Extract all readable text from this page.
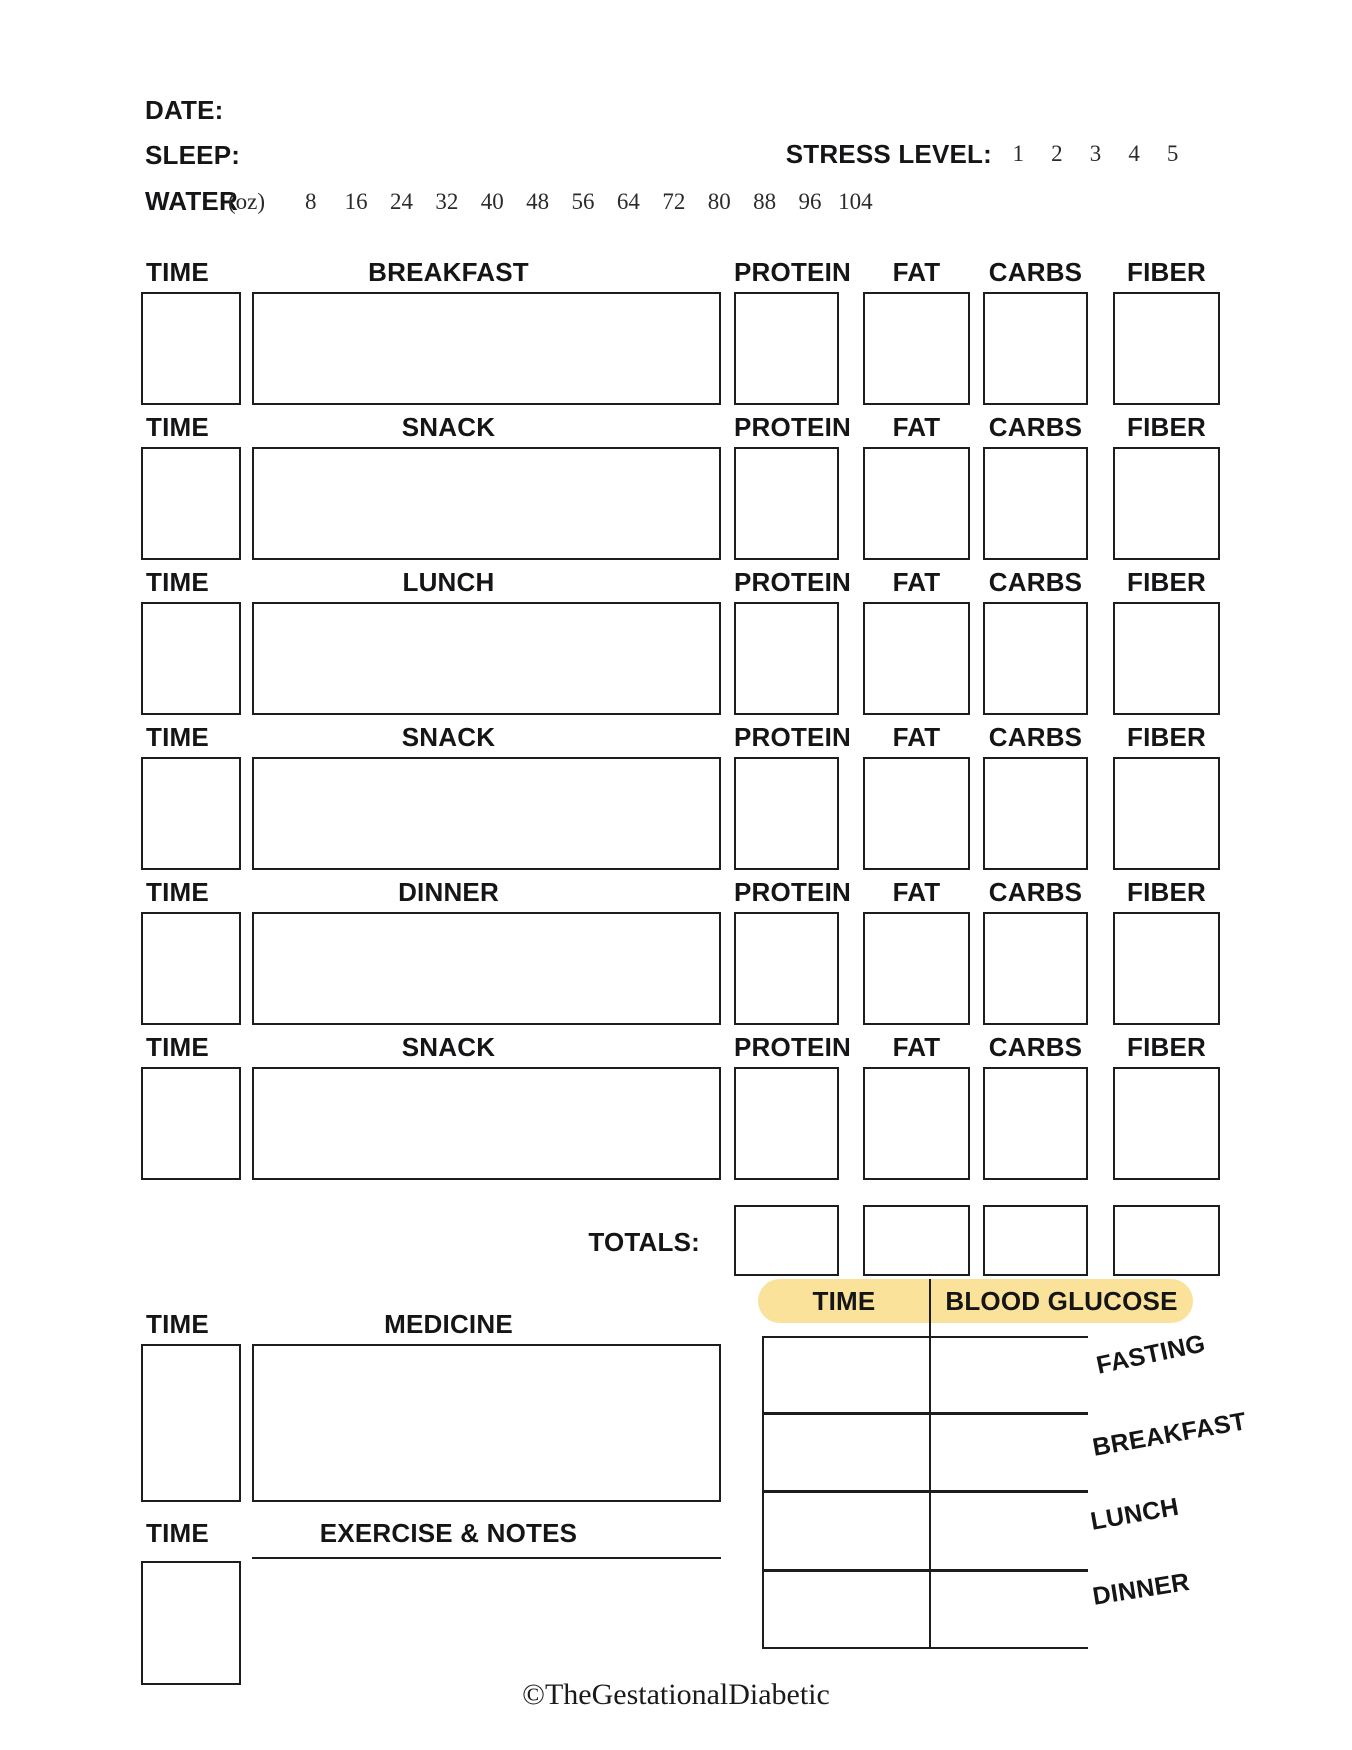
DATE:
SLEEP:	STRESS LEVEL: 1	2	3	4	5
WATER
(oz)	8	16 24 32 40 48 56 64 72 80 88 96 104
TIME	BREAKFAST	PROTEIN	FAT	CARBS	FIBER
TIME	SNACK	PROTEIN	FAT	CARBS	FIBER
TIME	LUNCH	PROTEIN	FAT	CARBS	FIBER
TIME	SNACK	PROTEIN	FAT	CARBS	FIBER
TIME	DINNER	PROTEIN	FAT	CARBS	FIBER
TIME	SNACK	PROTEIN	FAT	CARBS	FIBER
TOTALS:
TIME	MEDICINE
TIME	EXERCISE & NOTES
TIME	BLOOD GLUCOSE
FASTING
BREAKFAST
LUNCH
DINNER
©TheGestationalDiabetic
